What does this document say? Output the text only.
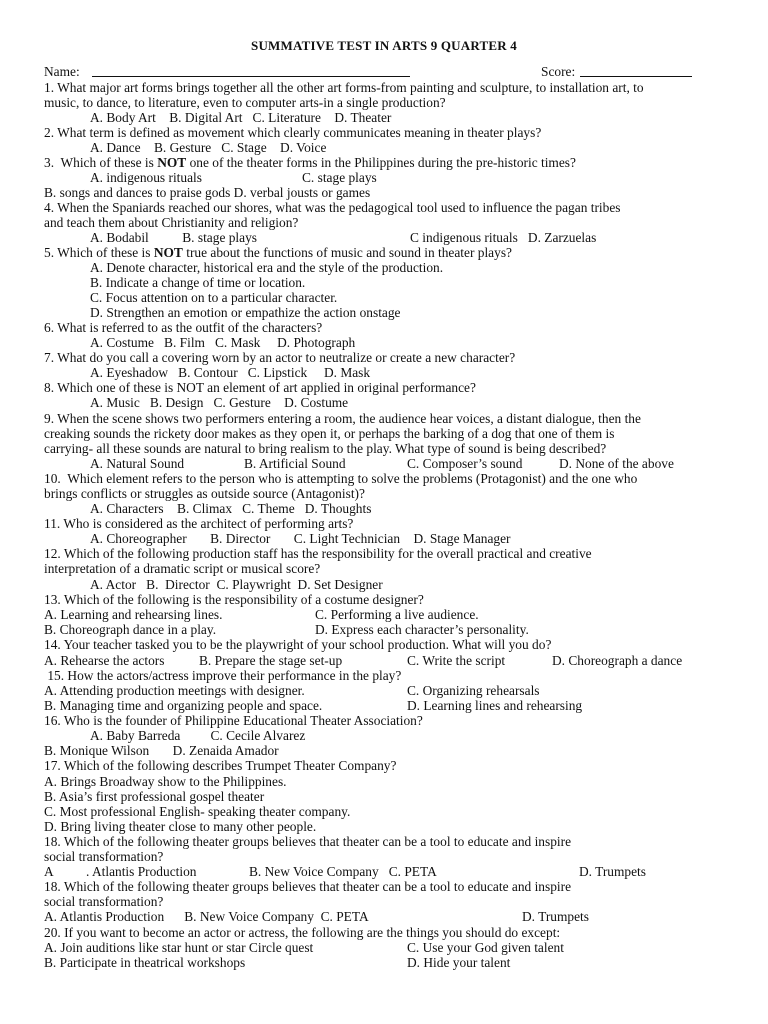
SUMMATIVE TEST IN ARTS 9 QUARTER 4
Name:	Score:
1. What major art forms brings together all the other art forms-from painting and sculpture, to installation art, to
music, to dance, to literature, even to computer arts-in a single production?
A. Body Art    B. Digital Art   C. Literature    D. Theater
2. What term is defined as movement which clearly communicates meaning in theater plays?
A. Dance    B. Gesture   C. Stage    D. Voice
3.  Which of these is NOT one of the theater forms in the Philippines during the pre-historic times?
A. indigenous rituals	C. stage plays
B. songs and dances to praise gods D. verbal jousts or games
4. When the Spaniards reached our shores, what was the pedagogical tool used to influence the pagan tribes
and teach them about Christianity and religion?
A. Bodabil          B. stage plays	C indigenous rituals   D. Zarzuelas
5. Which of these is NOT true about the functions of music and sound in theater plays?
A. Denote character, historical era and the style of the production.
B. Indicate a change of time or location.
C. Focus attention on to a particular character.
D. Strengthen an emotion or empathize the action onstage
6. What is referred to as the outfit of the characters?
A. Costume   B. Film   C. Mask     D. Photograph
7. What do you call a covering worn by an actor to neutralize or create a new character?
A. Eyeshadow   B. Contour   C. Lipstick     D. Mask
8. Which one of these is NOT an element of art applied in original performance?
A. Music   B. Design   C. Gesture    D. Costume
9. When the scene shows two performers entering a room, the audience hear voices, a distant dialogue, then the
creaking sounds the rickety door makes as they open it, or perhaps the barking of a dog that one of them is
carrying- all these sounds are natural to bring realism to the play. What type of sound is being described?
A. Natural Sound	B. Artificial Sound	C. Composer’s sound	D. None of the above
10.  Which element refers to the person who is attempting to solve the problems (Protagonist) and the one who
brings conflicts or struggles as outside source (Antagonist)?
A. Characters    B. Climax   C. Theme   D. Thoughts
11. Who is considered as the architect of performing arts?
A. Choreographer       B. Director       C. Light Technician    D. Stage Manager
12. Which of the following production staff has the responsibility for the overall practical and creative
interpretation of a dramatic script or musical score?
A. Actor   B.  Director  C. Playwright  D. Set Designer
13. Which of the following is the responsibility of a costume designer?
A. Learning and rehearsing lines.	C. Performing a live audience.
B. Choreograph dance in a play.	D. Express each character’s personality.
14. Your teacher tasked you to be the playwright of your school production. What will you do?
A. Rehearse the actors	B. Prepare the stage set-up	C. Write the script	D. Choreograph a dance
15. How the actors/actress improve their performance in the play?
A. Attending production meetings with designer.	C. Organizing rehearsals
B. Managing time and organizing people and space.	D. Learning lines and rehearsing
16. Who is the founder of Philippine Educational Theater Association?
A. Baby Barreda         C. Cecile Alvarez
B. Monique Wilson       D. Zenaida Amador
17. Which of the following describes Trumpet Theater Company?
A. Brings Broadway show to the Philippines.
B. Asia’s first professional gospel theater
C. Most professional English- speaking theater company.
D. Bring living theater close to many other people.
18. Which of the following theater groups believes that theater can be a tool to educate and inspire
social transformation?
A . Atlantis Production	B. New Voice Company   C. PETA	D. Trumpets
18. Which of the following theater groups believes that theater can be a tool to educate and inspire
social transformation?
A. Atlantis Production      B. New Voice Company  C. PETA	D. Trumpets
20. If you want to become an actor or actress, the following are the things you should do except:
A. Join auditions like star hunt or star Circle quest	C. Use your God given talent
B. Participate in theatrical workshops	D. Hide your talent
